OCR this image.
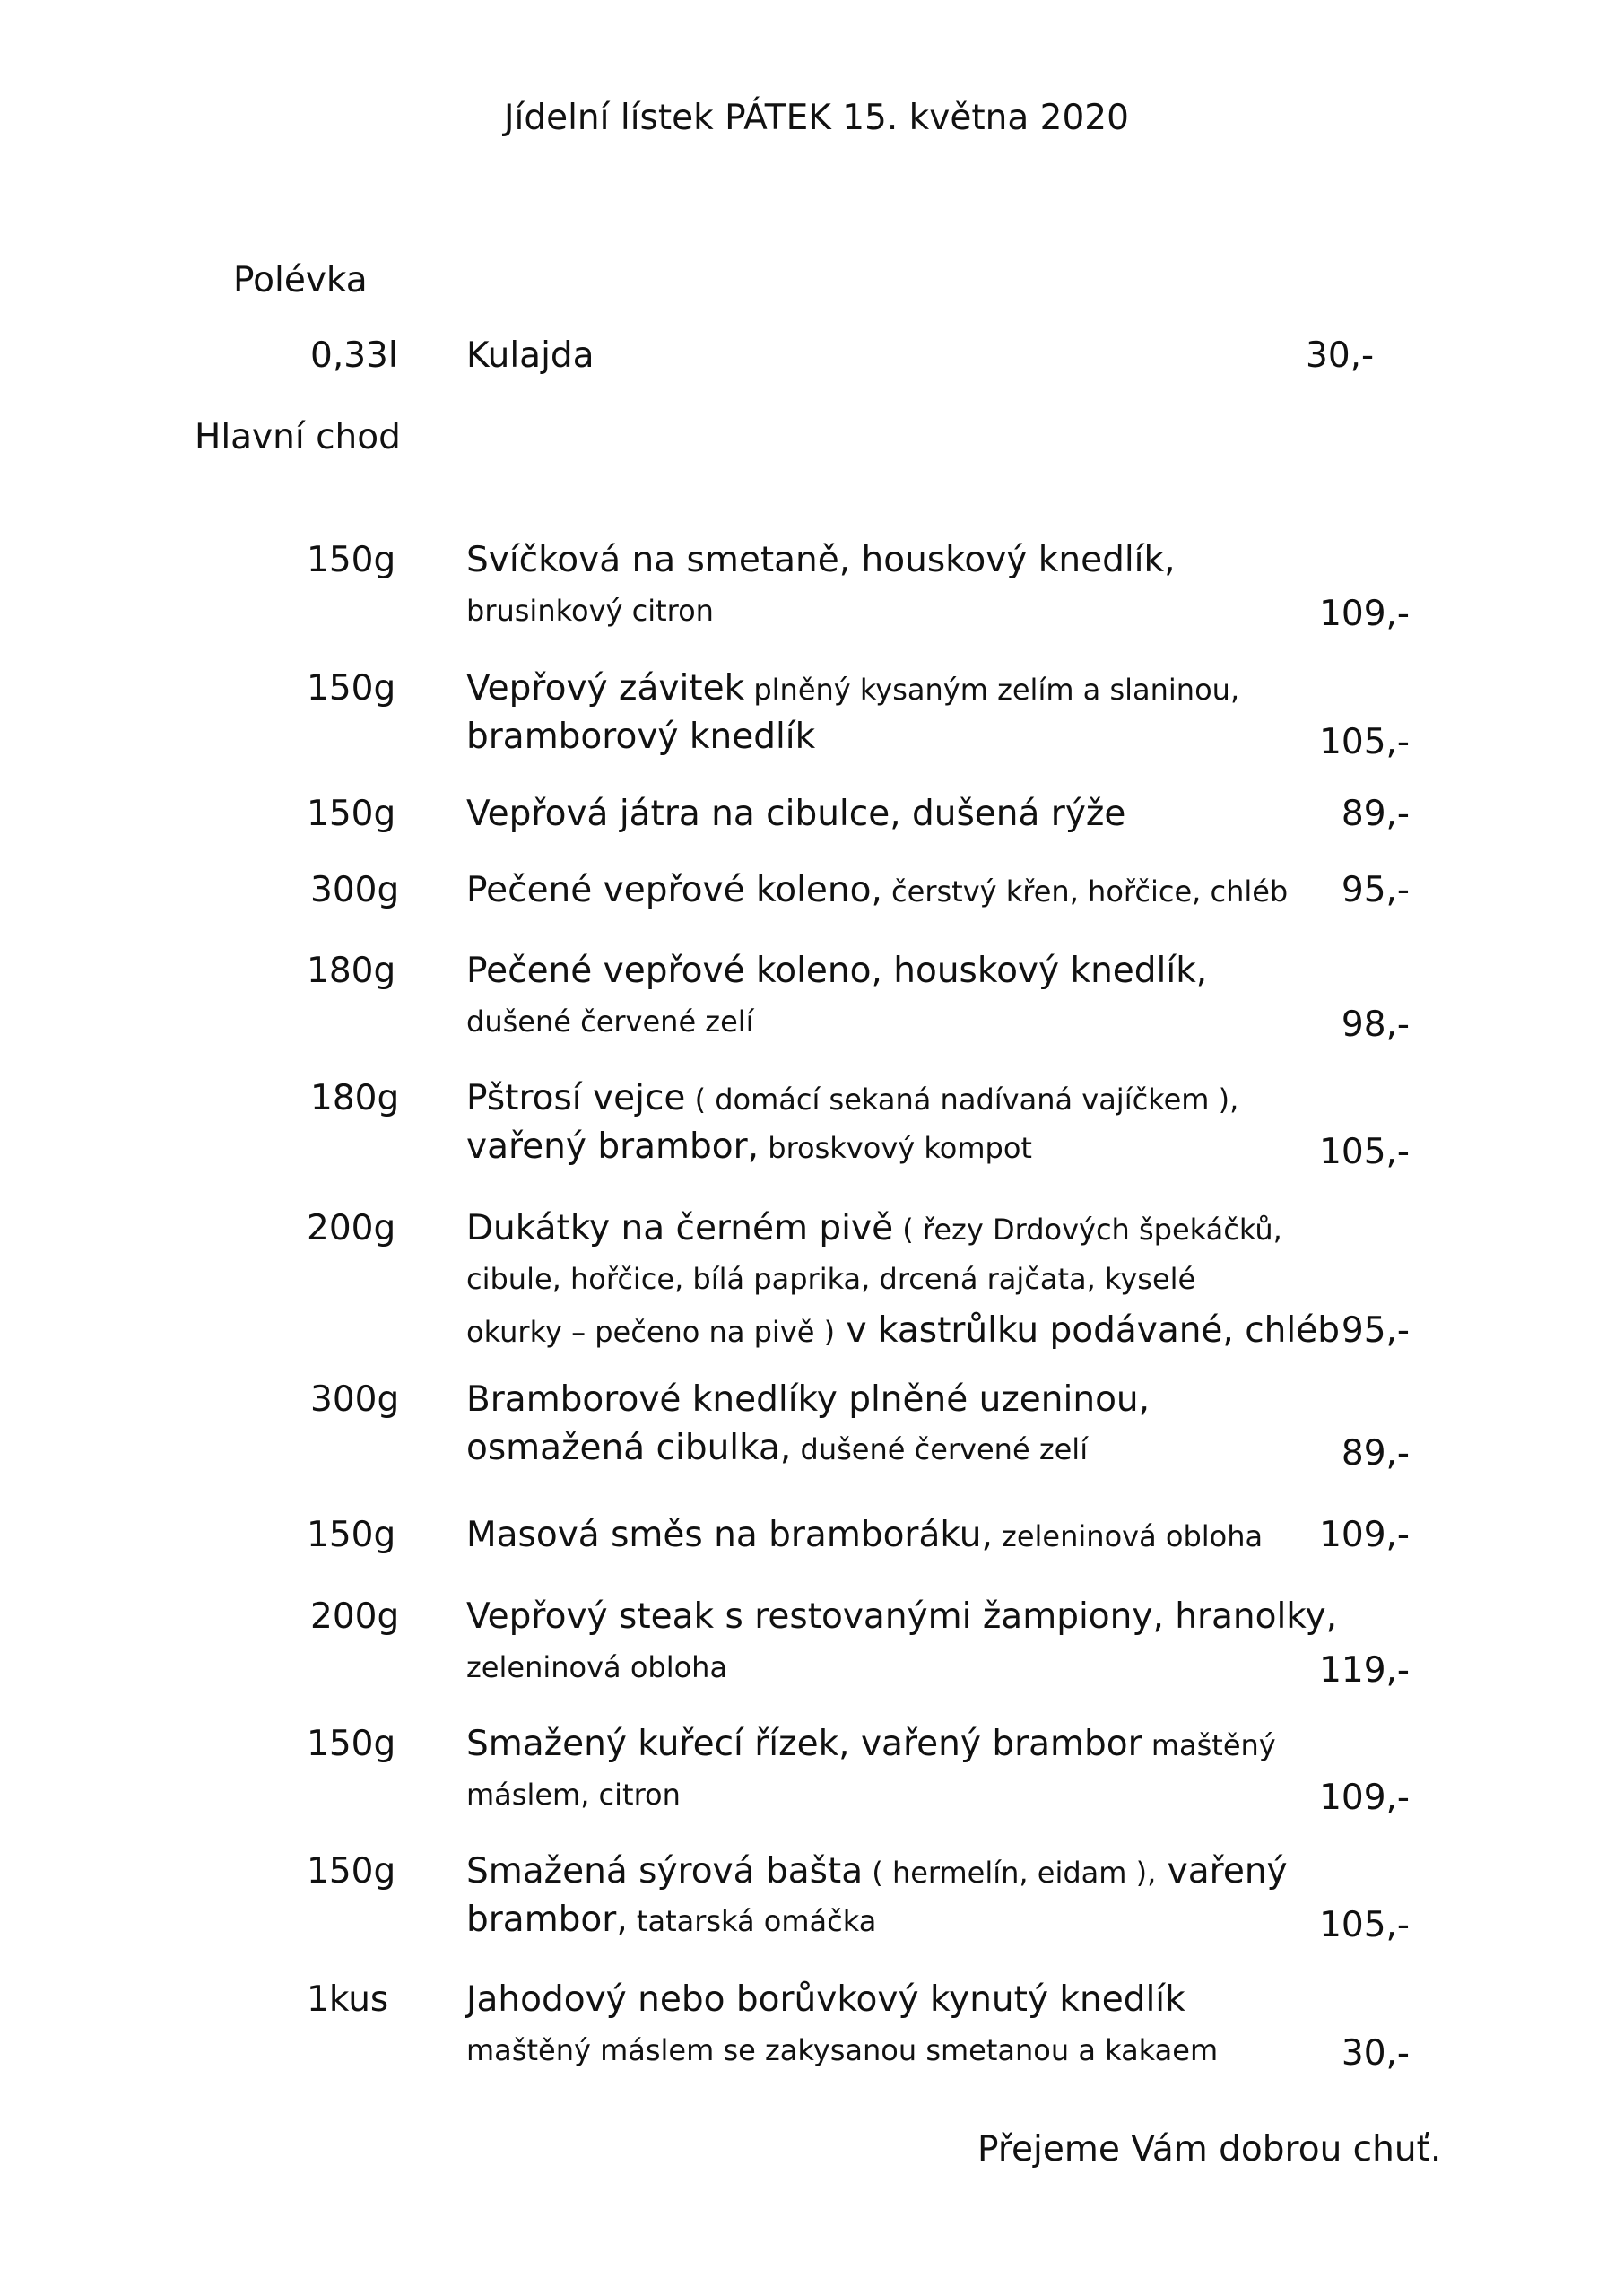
Jídelní lístek PÁTEK 15. května 2020
Polévka
0,33l Kulajda	30,-
Hlavní chod
150g Svíčková na smetaně, houskový knedlík,
brusinkový citron	109,-
150g Vepřový závitek plněný kysaným zelím a slaninou,
bramborový knedlík	105,-
150g Vepřová játra na cibulce, dušená rýže	89,-
300g Pečené vepřové koleno, čerstvý křen, hořčice, chléb	95,-
180g Pečené vepřové koleno, houskový knedlík,
dušené červené zelí	98,-
180g Pštrosí vejce ( domácí sekaná nadívaná vajíčkem ),
vařený brambor, broskvový kompot	105,-
200g Dukátky na černém pivě ( řezy Drdových špekáčků,
cibule, hořčice, bílá paprika, drcená rajčata, kyselé
okurky – pečeno na pivě ) v kastrůlku podávané, chléb 95,-
300g Bramborové knedlíky plněné uzeninou,
osmažená cibulka, dušené červené zelí	89,-
150g Masová směs na bramboráku, zeleninová obloha	109,-
200g Vepřový steak s restovanými žampiony, hranolky,
zeleninová obloha	119,-
150g Smažený kuřecí řízek, vařený brambor maštěný
máslem, citron	109,-
150g Smažená sýrová bašta ( hermelín, eidam ), vařený
brambor, tatarská omáčka	105,-
1kus Jahodový nebo borůvkový kynutý knedlík
maštěný máslem se zakysanou smetanou a kakaem	30,-
Přejeme Vám dobrou chuť.
